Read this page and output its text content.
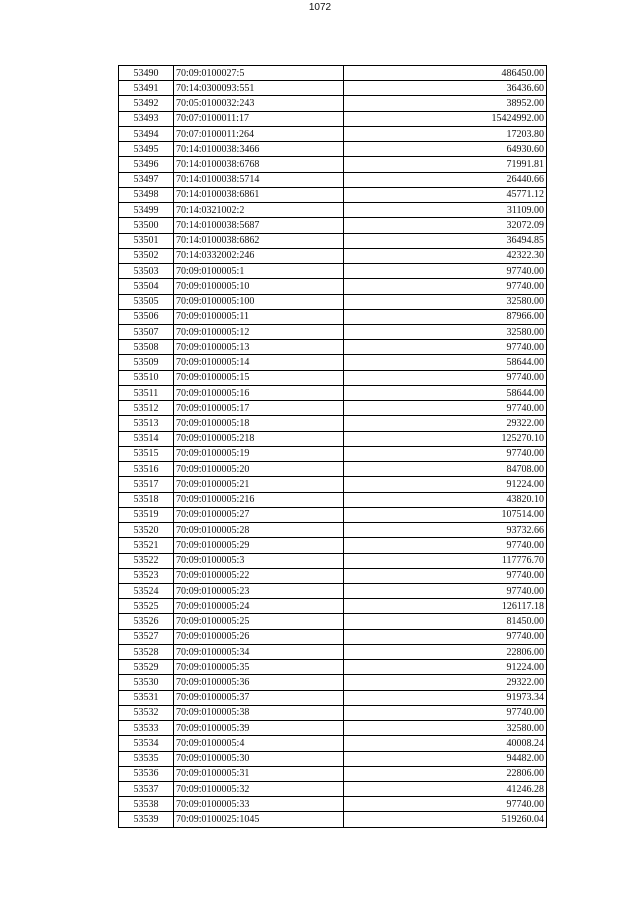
1072
53490	70:09:0100027:5	486450.00
53491	70:14:0300093:551	36436.60
53492	70:05:0100032:243	38952.00
53493	70:07:0100011:17	15424992.00
53494	70:07:0100011:264	17203.80
53495	70:14:0100038:3466	64930.60
53496	70:14:0100038:6768	71991.81
53497	70:14:0100038:5714	26440.66
53498	70:14:0100038:6861	45771.12
53499	70:14:0321002:2	31109.00
53500	70:14:0100038:5687	32072.09
53501	70:14:0100038:6862	36494.85
53502	70:14:0332002:246	42322.30
53503	70:09:0100005:1	97740.00
53504	70:09:0100005:10	97740.00
53505	70:09:0100005:100	32580.00
53506	70:09:0100005:11	87966.00
53507	70:09:0100005:12	32580.00
53508	70:09:0100005:13	97740.00
53509	70:09:0100005:14	58644.00
53510	70:09:0100005:15	97740.00
53511	70:09:0100005:16	58644.00
53512	70:09:0100005:17	97740.00
53513	70:09:0100005:18	29322.00
53514	70:09:0100005:218	125270.10
53515	70:09:0100005:19	97740.00
53516	70:09:0100005:20	84708.00
53517	70:09:0100005:21	91224.00
53518	70:09:0100005:216	43820.10
53519	70:09:0100005:27	107514.00
53520	70:09:0100005:28	93732.66
53521	70:09:0100005:29	97740.00
53522	70:09:0100005:3	117776.70
53523	70:09:0100005:22	97740.00
53524	70:09:0100005:23	97740.00
53525	70:09:0100005:24	126117.18
53526	70:09:0100005:25	81450.00
53527	70:09:0100005:26	97740.00
53528	70:09:0100005:34	22806.00
53529	70:09:0100005:35	91224.00
53530	70:09:0100005:36	29322.00
53531	70:09:0100005:37	91973.34
53532	70:09:0100005:38	97740.00
53533	70:09:0100005:39	32580.00
53534	70:09:0100005:4	40008.24
53535	70:09:0100005:30	94482.00
53536	70:09:0100005:31	22806.00
53537	70:09:0100005:32	41246.28
53538	70:09:0100005:33	97740.00
53539	70:09:0100025:1045	519260.04
